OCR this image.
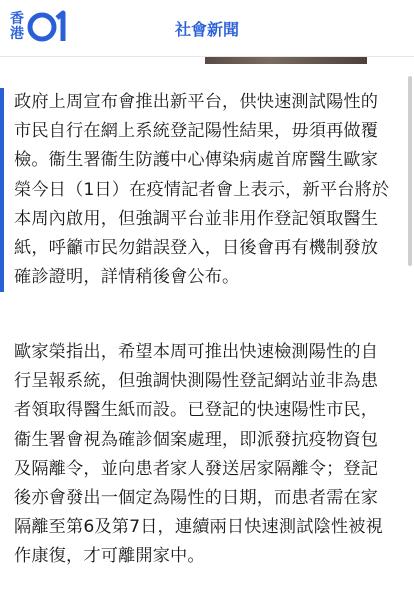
香
港
01
社會新聞

政府上周宣布會推出新平台，供快速測試陽性的
市民自行在網上系統登記陽性結果，毋須再做覆
檢。衞生署衞生防護中心傳染病處首席醫生歐家
榮今日（1日）在疫情記者會上表示，新平台將於
本周內啟用，但強調平台並非用作登記領取醫生
紙，呼籲市民勿錯誤登入，日後會再有機制發放
確診證明，詳情稍後會公布。

歐家榮指出，希望本周可推出快速檢測陽性的自
行呈報系統，但強調快測陽性登記網站並非為患
者領取得醫生紙而設。已登記的快速陽性市民，
衞生署會視為確診個案處理，即派發抗疫物資包
及隔離令，並向患者家人發送居家隔離令；登記
後亦會發出一個定為陽性的日期，而患者需在家
隔離至第6及第7日，連續兩日快速測試陰性被視
作康復，才可離開家中。
